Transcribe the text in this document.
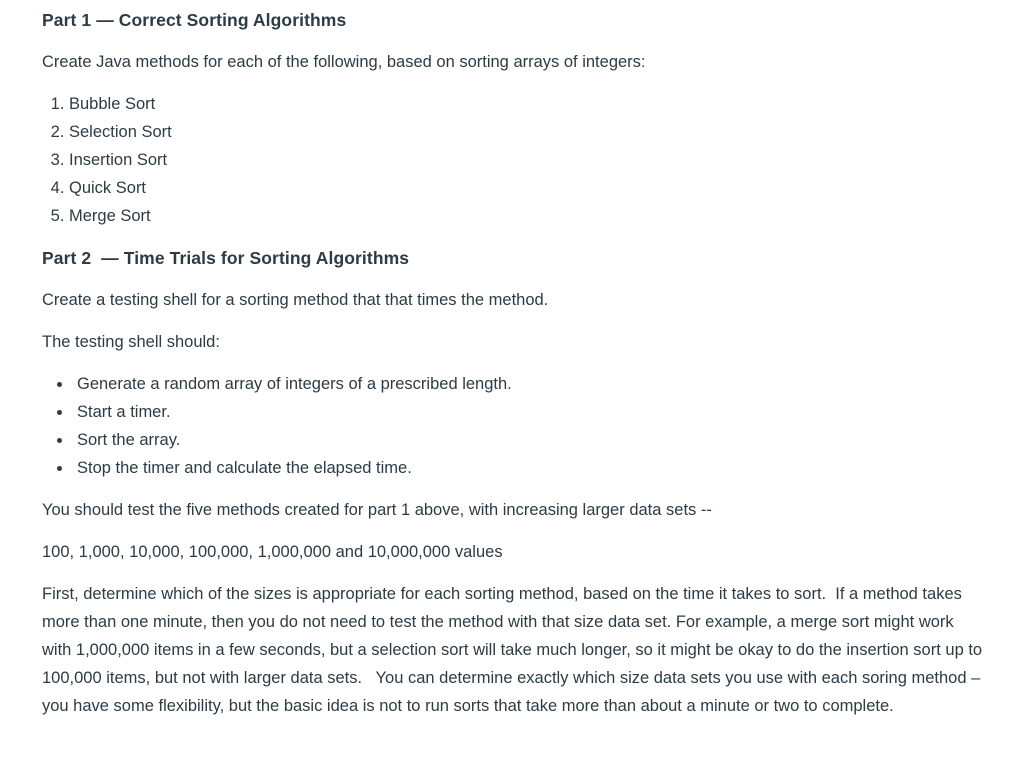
Part 1 — Correct Sorting Algorithms

Create Java methods for each of the following, based on sorting arrays of integers:

1. Bubble Sort
2. Selection Sort
3. Insertion Sort
4. Quick Sort
5. Merge Sort
Part 2  — Time Trials for Sorting Algorithms

Create a testing shell for a sorting method that that times the method.

The testing shell should:

• Generate a random array of integers of a prescribed length.
• Start a timer.
• Sort the array.
• Stop the timer and calculate the elapsed time.

You should test the five methods created for part 1 above, with increasing larger data sets --

100, 1,000, 10,000, 100,000, 1,000,000 and 10,000,000 values

First, determine which of the sizes is appropriate for each sorting method, based on the time it takes to sort.  If a method takes more than one minute, then you do not need to test the method with that size data set. For example, a merge sort might work with 1,000,000 items in a few seconds, but a selection sort will take much longer, so it might be okay to do the insertion sort up to 100,000 items, but not with larger data sets.   You can determine exactly which size data sets you use with each soring method – you have some flexibility, but the basic idea is not to run sorts that take more than about a minute or two to complete.
